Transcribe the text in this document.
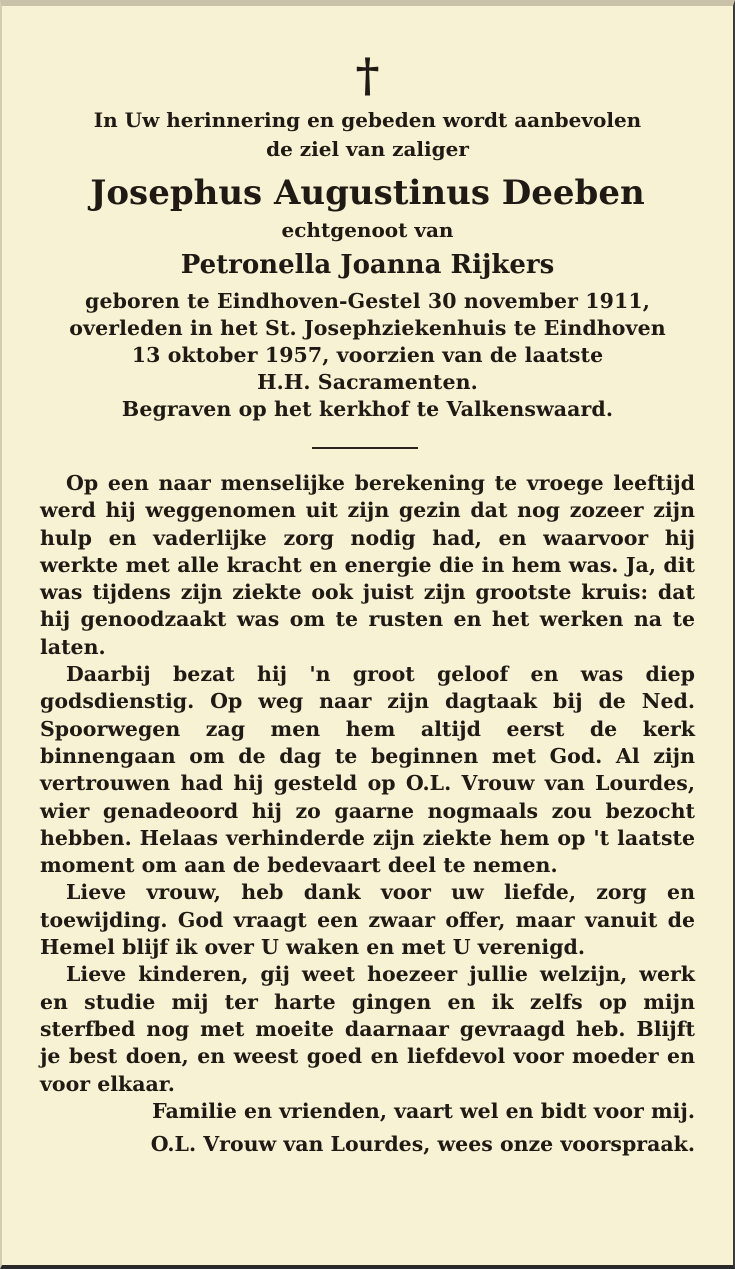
†
In Uw herinnering en gebeden wordt aanbevolen
de ziel van zaliger
Josephus Augustinus Deeben
echtgenoot van
Petronella Joanna Rijkers
geboren te Eindhoven-Gestel 30 november 1911,
overleden in het St. Josephziekenhuis te Eindhoven
13 oktober 1957, voorzien van de laatste
H.H. Sacramenten.
Begraven op het kerkhof te Valkenswaard.

Op een naar menselijke berekening te vroege leeftijd werd hij weggenomen uit zijn gezin dat nog zozeer zijn hulp en vaderlijke zorg nodig had, en waarvoor hij werkte met alle kracht en energie die in hem was. Ja, dit was tijdens zijn ziekte ook juist zijn grootste kruis: dat hij genoodzaakt was om te rusten en het werken na te laten.

Daarbij bezat hij 'n groot geloof en was diep godsdienstig. Op weg naar zijn dagtaak bij de Ned. Spoorwegen zag men hem altijd eerst de kerk binnengaan om de dag te beginnen met God. Al zijn vertrouwen had hij gesteld op O.L. Vrouw van Lourdes, wier genadeoord hij zo gaarne nogmaals zou bezocht hebben. Helaas verhinderde zijn ziekte hem op 't laatste moment om aan de bedevaart deel te nemen.

Lieve vrouw, heb dank voor uw liefde, zorg en toewijding. God vraagt een zwaar offer, maar vanuit de Hemel blijf ik over U waken en met U verenigd.

Lieve kinderen, gij weet hoezeer jullie welzijn, werk en studie mij ter harte gingen en ik zelfs op mijn sterfbed nog met moeite daarnaar gevraagd heb. Blijft je best doen, en weest goed en liefdevol voor moeder en voor elkaar.

Familie en vrienden, vaart wel en bidt voor mij.

O.L. Vrouw van Lourdes, wees onze voorspraak.
